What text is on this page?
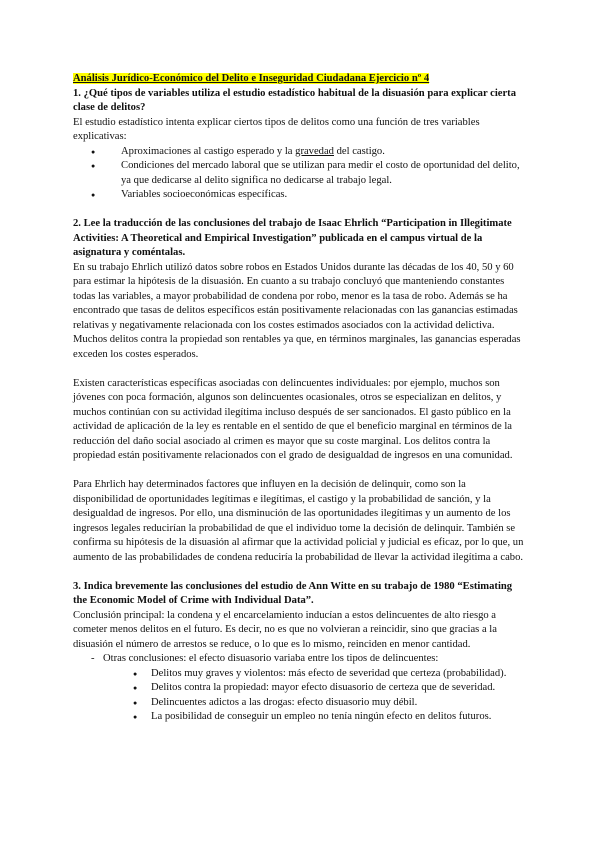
Análisis Jurídico-Económico del Delito e Inseguridad Ciudadana Ejercicio nº 4

1. ¿Qué tipos de variables utiliza el estudio estadístico habitual de la disuasión para explicar cierta clase de delitos?

El estudio estadístico intenta explicar ciertos tipos de delitos como una función de tres variables explicativas:

● Aproximaciones al castigo esperado y la gravedad del castigo.
● Condiciones del mercado laboral que se utilizan para medir el costo de oportunidad del delito, ya que dedicarse al delito significa no dedicarse al trabajo legal.
● Variables socioeconómicas específicas.

2. Lee la traducción de las conclusiones del trabajo de Isaac Ehrlich “Participation in Illegitimate Activities: A Theoretical and Empirical Investigation” publicada en el campus virtual de la asignatura y coméntalas.

En su trabajo Ehrlich utilizó datos sobre robos en Estados Unidos durante las décadas de los 40, 50 y 60 para estimar la hipótesis de la disuasión. En cuanto a su trabajo concluyó que manteniendo constantes todas las variables, a mayor probabilidad de condena por robo, menor es la tasa de robo. Además se ha encontrado que tasas de delitos específicos están positivamente relacionadas con las ganancias estimadas relativas y negativamente relacionada con los costes estimados asociados con la actividad delictiva. Muchos delitos contra la propiedad son rentables ya que, en términos marginales, las ganancias esperadas exceden los costes esperados.

Existen características específicas asociadas con delincuentes individuales: por ejemplo, muchos son jóvenes con poca formación, algunos son delincuentes ocasionales, otros se especializan en delitos, y muchos continúan con su actividad ilegítima incluso después de ser sancionados. El gasto público en la actividad de aplicación de la ley es rentable en el sentido de que el beneficio marginal en términos de la reducción del daño social asociado al crimen es mayor que su coste marginal. Los delitos contra la propiedad están positivamente relacionados con el grado de desigualdad de ingresos en una comunidad.

Para Ehrlich hay determinados factores que influyen en la decisión de delinquir, como son la disponibilidad de oportunidades legítimas e ilegítimas, el castigo y la probabilidad de sanción, y la desigualdad de ingresos. Por ello, una disminución de las oportunidades ilegítimas y un aumento de los ingresos legales reducirían la probabilidad de que el individuo tome la decisión de delinquir. También se confirma su hipótesis de la disuasión al afirmar que la actividad policial y judicial es eficaz, por lo que, un aumento de las probabilidades de condena reduciría la probabilidad de llevar la actividad ilegítima a cabo.

3. Indica brevemente las conclusiones del estudio de Ann Witte en su trabajo de 1980 “Estimating the Economic Model of Crime with Individual Data”.

Conclusión principal: la condena y el encarcelamiento inducían a estos delincuentes de alto riesgo a cometer menos delitos en el futuro. Es decir, no es que no volvieran a reincidir, sino que gracias a la disuasión el número de arrestos se reduce, o lo que es lo mismo, reinciden en menor cantidad.

- Otras conclusiones: el efecto disuasorio variaba entre los tipos de delincuentes:
● Delitos muy graves y violentos: más efecto de severidad que certeza (probabilidad).
● Delitos contra la propiedad: mayor efecto disuasorio de certeza que de severidad.
● Delincuentes adictos a las drogas: efecto disuasorio muy débil.
● La posibilidad de conseguir un empleo no tenía ningún efecto en delitos futuros.
